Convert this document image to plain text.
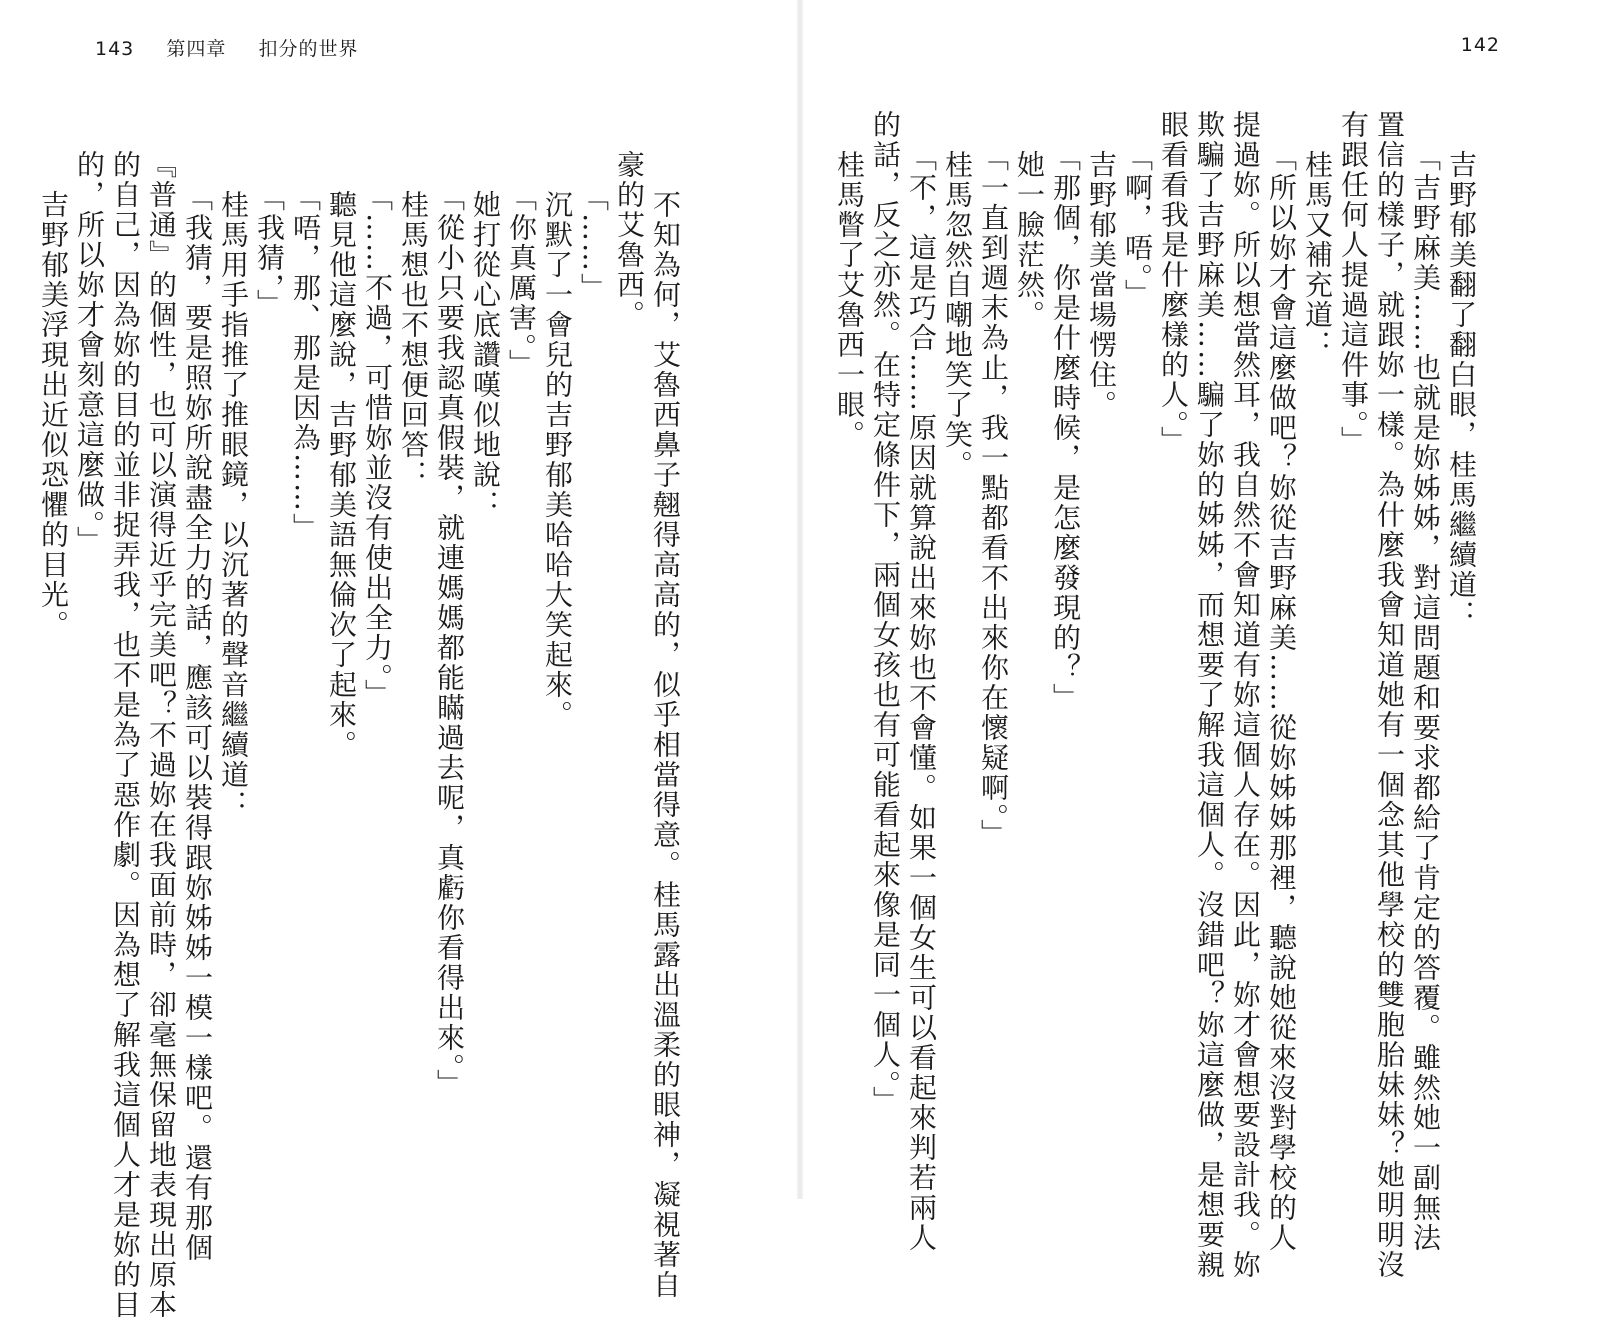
143 第四章 扣分的世界
不知為何，艾魯西鼻子翹得高高的，似乎相當得意。桂馬露出溫柔的眼神，凝視著自
豪的艾魯西。
「……」
沉默了一會兒的吉野郁美哈哈大笑起來。
「你真厲害。」
她打從心底讚嘆似地說：
「從小只要我認真假裝，就連媽媽都能瞞過去呢，真虧你看得出來。」
桂馬想也不想便回答：
「……不過，可惜妳並沒有使出全力。」
聽見他這麼說，吉野郁美語無倫次了起來。
「唔，那、那是因為……」
「我猜，」
桂馬用手指推了推眼鏡，以沉著的聲音繼續道：
「我猜，要是照妳所說盡全力的話，應該可以裝得跟妳姊姊一模一樣吧。還有那個
『普通』的個性，也可以演得近乎完美吧？不過妳在我面前時，卻毫無保留地表現出原本
的自己，因為妳的目的並非捉弄我，也不是為了惡作劇。因為想了解我這個人才是妳的目
的，所以妳才會刻意這麼做。」
吉野郁美浮現出近似恐懼的目光。
142
吉野郁美翻了翻白眼，桂馬繼續道：
「吉野麻美……也就是妳姊姊，對這問題和要求都給了肯定的答覆。雖然她一副無法
置信的樣子，就跟妳一樣。為什麼我會知道她有一個念其他學校的雙胞胎妹妹？她明明沒
有跟任何人提過這件事。」
桂馬又補充道：
「所以妳才會這麼做吧？妳從吉野麻美……從妳姊姊那裡，聽說她從來沒對學校的人
提過妳。所以想當然耳，我自然不會知道有妳這個人存在。因此，妳才會想要設計我。妳
欺騙了吉野麻美……騙了妳的姊姊，而想要了解我這個人。沒錯吧？妳這麼做，是想要親
眼看看我是什麼樣的人。」
「啊，唔。」
吉野郁美當場愣住。
「那個，你是什麼時候，是怎麼發現的？」
她一臉茫然。
「一直到週末為止，我一點都看不出來你在懷疑啊。」
桂馬忽然自嘲地笑了笑。
「不，這是巧合……原因就算說出來妳也不會懂。如果一個女生可以看起來判若兩人
的話，反之亦然。在特定條件下，兩個女孩也有可能看起來像是同一個人。」
桂馬瞥了艾魯西一眼。
